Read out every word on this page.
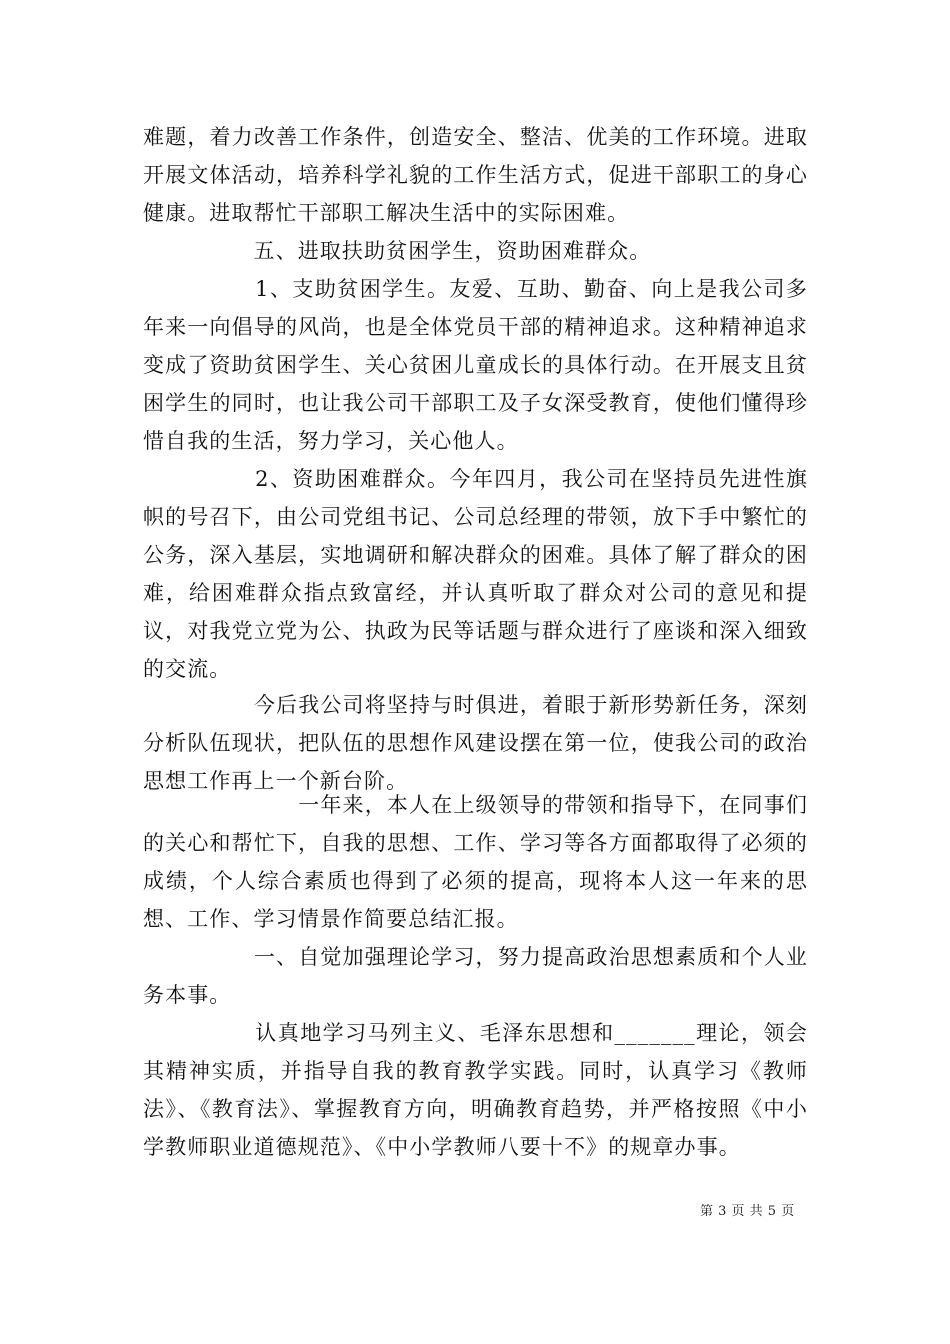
难题，着力改善工作条件，创造安全、整洁、优美的工作环境。进取开展文体活动，培养科学礼貌的工作生活方式，促进干部职工的身心健康。进取帮忙干部职工解决生活中的实际困难。

　　　　　五、进取扶助贫困学生，资助困难群众。

　　　　　1、支助贫困学生。友爱、互助、勤奋、向上是我公司多年来一向倡导的风尚，也是全体党员干部的精神追求。这种精神追求变成了资助贫困学生、关心贫困儿童成长的具体行动。在开展支且贫困学生的同时，也让我公司干部职工及子女深受教育，使他们懂得珍惜自我的生活，努力学习，关心他人。

　　　　　2、资助困难群众。今年四月，我公司在坚持员先进性旗帜的号召下，由公司党组书记、公司总经理的带领，放下手中繁忙的公务，深入基层，实地调研和解决群众的困难。具体了解了群众的困难，给困难群众指点致富经，并认真听取了群众对公司的意见和提议，对我党立党为公、执政为民等话题与群众进行了座谈和深入细致的交流。

　　　　　今后我公司将坚持与时俱进，着眼于新形势新任务，深刻分析队伍现状，把队伍的思想作风建设摆在第一位，使我公司的政治思想工作再上一个新台阶。

　　　　　　　一年来，本人在上级领导的带领和指导下，在同事们的关心和帮忙下，自我的思想、工作、学习等各方面都取得了必须的成绩，个人综合素质也得到了必须的提高，现将本人这一年来的思想、工作、学习情景作简要总结汇报。

　　　　　一、自觉加强理论学习，努力提高政治思想素质和个人业务本事。

　　　　　认真地学习马列主义、毛泽东思想和_______理论，领会其精神实质，并指导自我的教育教学实践。同时，认真学习《教师法》、《教育法》、掌握教育方向，明确教育趋势，并严格按照《中小学教师职业道德规范》、《中小学教师八要十不》的规章办事。

第 3 页 共 5 页
